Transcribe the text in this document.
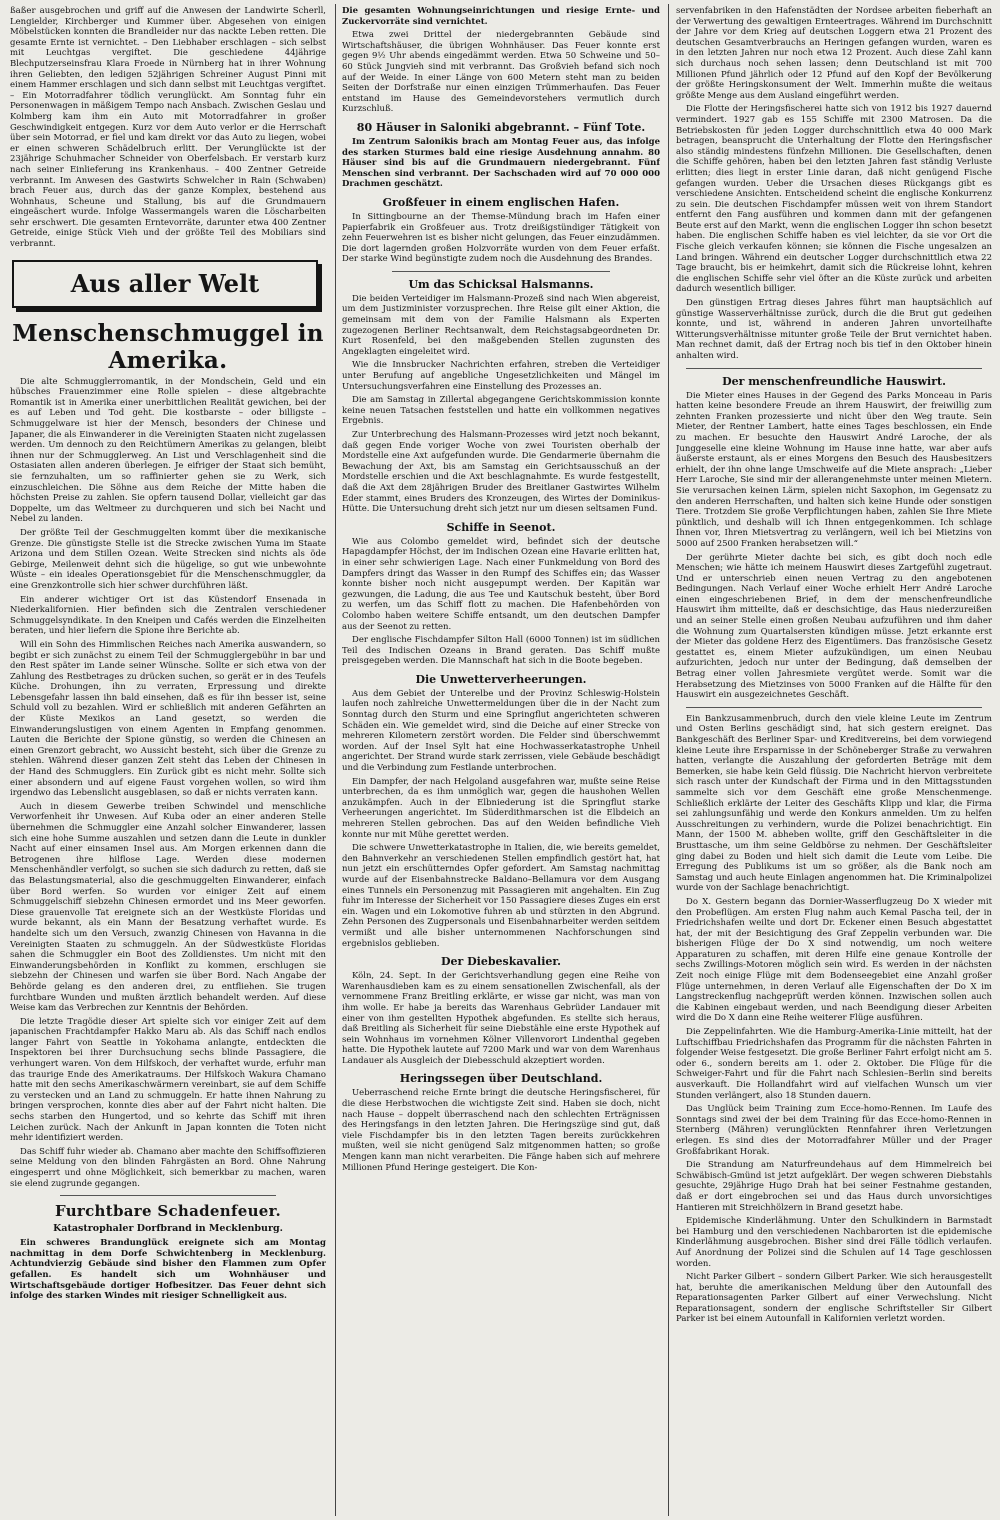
ßaßer ausgebrochen und griff auf die Anwesen der Landwirte Scherll, Lengielder, Kirchberger und Kummer über. Abgesehen von einigen Möbelstücken konnten die Brandleider nur das nackte Leben retten. Die gesamte Ernte ist vernichtet. – Den Liebhaber erschlagen – sich selbst mit Leuchtgas vergiftet. Die geschiedene 44jährige Blechputzerseinsfrau Klara Froede in Nürnberg hat in ihrer Wohnung ihren Geliebten, den ledigen 52jährigen Schreiner August Pinni mit einem Hammer erschlagen und sich dann selbst mit Leuchtgas vergiftet. – Ein Motorradfahrer tödlich verunglückt. Am Sonntag fuhr ein Personenwagen in mäßigem Tempo nach Ansbach. Zwischen Geslau und Kolmberg kam ihm ein Auto mit Motorradfahrer in großer Geschwindigkeit entgegen. Kurz vor dem Auto verlor er die Herrschaft über sein Motorrad, er fiel und kam direkt vor das Auto zu liegen, wobei er einen schweren Schädelbruch erlitt. Der Verunglückte ist der 23jährige Schuhmacher Schneider von Oberfelsbach. Er verstarb kurz nach seiner Einlieferung ins Krankenhaus. – 400 Zentner Getreide verbrannt. Im Anwesen des Gastwirts Schwelcher in Rain (Schwaben) brach Feuer aus, durch das der ganze Komplex, bestehend aus Wohnhaus, Scheune und Stallung, bis auf die Grundmauern eingeäschert wurde. Infolge Wassermangels waren die Löscharbeiten sehr erschwert. Die gesamten Erntevorräte, darunter etwa 400 Zentner Getreide, einige Stück Vieh und der größte Teil des Mobiliars sind verbrannt.

Aus aller Welt
Menschenschmuggel in Amerika.

Die alte Schmugglerromantik, in der Mondschein, Geld und ein hübsches Frauenzimmer eine Rolle spielen – diese altgebrachte Romantik ist in Amerika einer unerbittlichen Realität gewichen, bei der es auf Leben und Tod geht. Die kostbarste – oder billigste – Schmuggelware ist hier der Mensch, besonders der Chinese und Japaner, die als Einwanderer in die Vereinigten Staaten nicht zugelassen werden. Um dennoch zu den Reichtümern Amerikas zu gelangen, bleibt ihnen nur der Schmugglerweg. An List und Verschlagenheit sind die Ostasiaten allen anderen überlegen. Je eifriger der Staat sich bemüht, sie fernzuhalten, um so raffinierter gehen sie zu Werk, sich einzuschleichen. Die Söhne aus dem Reiche der Mitte haben die höchsten Preise zu zahlen. Sie opfern tausend Dollar, vielleicht gar das Doppelte, um das Weltmeer zu durchqueren und sich bei Nacht und Nebel zu landen.

Der größte Teil der Geschmuggelten kommt über die mexikanische Grenze. Die günstigste Stelle ist die Strecke zwischen Yuma im Staate Arizona und dem Stillen Ozean. Weite Strecken sind nichts als öde Gebirge, Meilenweit dehnt sich die hügelige, so gut wie unbewohnte Wüste – ein ideales Operationsgebiet für die Menschenschmuggler, da eine Grenzkontrolle sich hier schwer durchführen läßt.

Ein anderer wichtiger Ort ist das Küstendorf Ensenada in Niederkalifornien. Hier befinden sich die Zentralen verschiedener Schmuggelsyndikate. In den Kneipen und Cafés werden die Einzelheiten beraten, und hier liefern die Spione ihre Berichte ab.

Will ein Sohn des Himmlischen Reiches nach Amerika auswandern, so begibt er sich zunächst zu einem Teil der Schmugglergebühr in bar und den Rest später im Lande seiner Wünsche. Sollte er sich etwa von der Zahlung des Restbetrages zu drücken suchen, so gerät er in des Teufels Küche. Drohungen, ihn zu verraten, Erpressung und direkte Lebensgefahr lassen ihn bald einsehen, daß es für ihn besser ist, seine Schuld voll zu bezahlen. Wird er schließlich mit anderen Gefährten an der Küste Mexikos an Land gesetzt, so werden die Einwanderungslustigen von einem Agenten in Empfang genommen. Lauten die Berichte der Spione günstig, so werden die Chinesen an einen Grenzort gebracht, wo Aussicht besteht, sich über die Grenze zu stehlen. Während dieser ganzen Zeit steht das Leben der Chinesen in der Hand des Schmugglers. Ein Zurück gibt es nicht mehr. Sollte sich einer absondern und auf eigene Faust vorgehen wollen, so wird ihm irgendwo das Lebenslicht ausgeblasen, so daß er nichts verraten kann.

Auch in diesem Gewerbe treiben Schwindel und menschliche Verworfenheit ihr Unwesen. Auf Kuba oder an einer anderen Stelle übernehmen die Schmuggler eine Anzahl solcher Einwanderer, lassen sich eine hohe Summe auszahlen und setzen dann die Leute in dunkler Nacht auf einer einsamen Insel aus. Am Morgen erkennen dann die Betrogenen ihre hilflose Lage. Werden diese modernen Menschenhändler verfolgt, so suchen sie sich dadurch zu retten, daß sie das Belastungsmaterial, also die geschmuggelten Einwanderer, einfach über Bord werfen. So wurden vor einiger Zeit auf einem Schmuggelschiff siebzehn Chinesen ermordet und ins Meer geworfen. Diese grauenvolle Tat ereignete sich an der Westküste Floridas und wurde bekannt, als ein Mann der Besatzung verhaftet wurde. Es handelte sich um den Versuch, zwanzig Chinesen von Havanna in die Vereinigten Staaten zu schmuggeln. An der Südwestküste Floridas sahen die Schmuggler ein Boot des Zolldienstes. Um nicht mit den Einwanderungsbehörden in Konflikt zu kommen, erschlugen sie siebzehn der Chinesen und warfen sie über Bord. Nach Angabe der Behörde gelang es den anderen drei, zu entfliehen. Sie trugen furchtbare Wunden und mußten ärztlich behandelt werden. Auf diese Weise kam das Verbrechen zur Kenntnis der Behörden.

Die letzte Tragödie dieser Art spielte sich vor einiger Zeit auf dem japanischen Frachtdampfer Hakko Maru ab. Als das Schiff nach endlos langer Fahrt von Seattle in Yokohama anlangte, entdeckten die Inspektoren bei ihrer Durchsuchung sechs blinde Passagiere, die verhungert waren. Von dem Hilfskoch, der verhaftet wurde, erfuhr man das traurige Ende des Amerikatraums. Der Hilfskoch Wakura Chamano hatte mit den sechs Amerikaschwärmern vereinbart, sie auf dem Schiffe zu verstecken und an Land zu schmuggeln. Er hatte ihnen Nahrung zu bringen versprochen, konnte dies aber auf der Fahrt nicht halten. Die sechs starben den Hungertod, und so kehrte das Schiff mit ihren Leichen zurück. Nach der Ankunft in Japan konnten die Toten nicht mehr identifiziert werden.

Das Schiff fuhr wieder ab. Chamano aber machte den Schiffsoffizieren seine Meldung von den blinden Fahrgästen an Bord. Ohne Nahrung eingesperrt und ohne Möglichkeit, sich bemerkbar zu machen, waren sie elend zugrunde gegangen.

Furchtbare Schadenfeuer.
Katastrophaler Dorfbrand in Mecklenburg.

Ein schweres Brandunglück ereignete sich am Montag nachmittag in dem Dorfe Schwichtenberg in Mecklenburg. Achtundvierzig Gebäude sind bisher den Flammen zum Opfer gefallen. Es handelt sich um Wohnhäuser und Wirtschaftsgebäude dortiger Hofbesitzer. Das Feuer dehnt sich infolge des starken Windes mit riesiger Schnelligkeit aus.

Die gesamten Wohnungseinrichtungen und riesige Ernte- und Zuckervorräte sind vernichtet.

Etwa zwei Drittel der niedergebrannten Gebäude sind Wirtschaftshäuser, die übrigen Wohnhäuser. Das Feuer konnte erst gegen 9½ Uhr abends eingedämmt werden. Etwa 50 Schweine und 50–60 Stück Jungvieh sind mit verbrannt. Das Großvieh befand sich noch auf der Weide. In einer Länge von 600 Metern steht man zu beiden Seiten der Dorfstraße nur einen einzigen Trümmerhaufen. Das Feuer entstand im Hause des Gemeindevorstehers vermutlich durch Kurzschluß.

80 Häuser in Saloniki abgebrannt. – Fünf Tote.

Im Zentrum Salonikis brach am Montag Feuer aus, das infolge des starken Sturmes bald eine riesige Ausdehnung annahm. 80 Häuser sind bis auf die Grundmauern niedergebrannt. Fünf Menschen sind verbrannt. Der Sachschaden wird auf 70 000 000 Drachmen geschätzt.

Großfeuer in einem englischen Hafen.

In Sittingbourne an der Themse-Mündung brach im Hafen einer Papierfabrik ein Großfeuer aus. Trotz dreißigstündiger Tätigkeit von zehn Feuerwehren ist es bisher nicht gelungen, das Feuer einzudämmen. Die dort lagernden großen Holzvorräte wurden von dem Feuer erfaßt. Der starke Wind begünstigte zudem noch die Ausdehnung des Brandes.

Um das Schicksal Halsmanns.

Die beiden Verteidiger im Halsmann-Prozeß sind nach Wien abgereist, um dem Justizminister vorzusprechen. Ihre Reise gilt einer Aktion, die gemeinsam mit dem von der Familie Halsmann als Experten zugezogenen Berliner Rechtsanwalt, dem Reichstagsabgeordneten Dr. Kurt Rosenfeld, bei den maßgebenden Stellen zugunsten des Angeklagten eingeleitet wird.

Wie die Innsbrucker Nachrichten erfahren, streben die Verteidiger unter Berufung auf angebliche Ungesetzlichkeiten und Mängel im Untersuchungsverfahren eine Einstellung des Prozesses an.

Die am Samstag in Zillertal abgegangene Gerichtskommission konnte keine neuen Tatsachen feststellen und hatte ein vollkommen negatives Ergebnis.

Zur Unterbrechung des Halsmann-Prozesses wird jetzt noch bekannt, daß gegen Ende voriger Woche von zwei Touristen oberhalb der Mordstelle eine Axt aufgefunden wurde. Die Gendarmerie übernahm die Bewachung der Axt, bis am Samstag ein Gerichtsausschuß an der Mordstelle erschien und die Axt beschlagnahmte. Es wurde festgestellt, daß die Axt dem 28jährigen Bruder des Breitlaner Gastwirtes Wilhelm Eder stammt, eines Bruders des Kronzeugen, des Wirtes der Dominikus-Hütte. Die Untersuchung dreht sich jetzt nur um diesen seltsamen Fund.

Schiffe in Seenot.

Wie aus Colombo gemeldet wird, befindet sich der deutsche Hapagdampfer Höchst, der im Indischen Ozean eine Havarie erlitten hat, in einer sehr schwierigen Lage. Nach einer Funkmeldung von Bord des Dampfers dringt das Wasser in den Rumpf des Schiffes ein; das Wasser konnte bisher noch nicht ausgepumpt werden. Der Kapitän war gezwungen, die Ladung, die aus Tee und Kautschuk besteht, über Bord zu werfen, um das Schiff flott zu machen. Die Hafenbehörden von Colombo haben weitere Schiffe entsandt, um den deutschen Dampfer aus der Seenot zu retten.

Der englische Fischdampfer Silton Hall (6000 Tonnen) ist im südlichen Teil des Indischen Ozeans in Brand geraten. Das Schiff mußte preisgegeben werden. Die Mannschaft hat sich in die Boote begeben.

Die Unwetterverheerungen.

Aus dem Gebiet der Unterelbe und der Provinz Schleswig-Holstein laufen noch zahlreiche Unwettermeldungen über die in der Nacht zum Sonntag durch den Sturm und eine Springflut angerichteten schweren Schäden ein. Wie gemeldet wird, sind die Deiche auf einer Strecke von mehreren Kilometern zerstört worden. Die Felder sind überschwemmt worden. Auf der Insel Sylt hat eine Hochwasserkatastrophe Unheil angerichtet. Der Strand wurde stark zerrissen, viele Gebäude beschädigt und die Verbindung zum Festlande unterbrochen.

Ein Dampfer, der nach Helgoland ausgefahren war, mußte seine Reise unterbrechen, da es ihm unmöglich war, gegen die haushohen Wellen anzukämpfen. Auch in der Elbniederung ist die Springflut starke Verheerungen angerichtet. Im Süderdithmarschen ist die Elbdeich an mehreren Stellen gebrochen. Das auf den Weiden befindliche Vieh konnte nur mit Mühe gerettet werden.

Die schwere Unwetterkatastrophe in Italien, die, wie bereits gemeldet, den Bahnverkehr an verschiedenen Stellen empfindlich gestört hat, hat nun jetzt ein erschütterndes Opfer gefordert. Am Samstag nachmittag wurde auf der Eisenbahnstrecke Baldano–Bellamura vor dem Ausgang eines Tunnels ein Personenzug mit Passagieren mit angehalten. Ein Zug fuhr im Interesse der Sicherheit vor 150 Passagiere dieses Zuges ein erst ein. Wagen und ein Lokomotive fuhren ab und stürzten in den Abgrund. Zehn Personen des Zugpersonals und Eisenbahnarbeiter werden seitdem vermißt und alle bisher unternommenen Nachforschungen sind ergebnislos geblieben.

Der Diebeskavalier.

Köln, 24. Sept. In der Gerichtsverhandlung gegen eine Reihe von Warenhausdieben kam es zu einem sensationellen Zwischenfall, als der vernommene Franz Breitling erklärte, er wisse gar nicht, was man von ihm wolle. Er habe ja bereits das Warenhaus Gebrüder Landauer mit einer von ihm gestellten Hypothek abgefunden. Es stellte sich heraus, daß Breitling als Sicherheit für seine Diebstähle eine erste Hypothek auf sein Wohnhaus im vornehmen Kölner Villenvorort Lindenthal gegeben hatte. Die Hypothek lautete auf 7200 Mark und war von dem Warenhaus Landauer als Ausgleich der Diebesschuld akzeptiert worden.

Heringssegen über Deutschland.

Ueberraschend reiche Ernte bringt die deutsche Heringsfischerei, für die diese Herbstwochen die wichtigste Zeit sind. Haben sie doch, nicht nach Hause – doppelt überraschend nach den schlechten Erträgnissen des Heringsfangs in den letzten Jahren. Die Heringszüge sind gut, daß viele Fischdampfer bis in den letzten Tagen bereits zurückkehren mußten, weil sie nicht genügend Salz mitgenommen hatten; so große Mengen kann man nicht verarbeiten. Die Fänge haben sich auf mehrere Millionen Pfund Heringe gesteigert. Die Kon-

servenfabriken in den Hafenstädten der Nordsee arbeiten fieberhaft an der Verwertung des gewaltigen Ernteertrages. Während im Durchschnitt der Jahre vor dem Krieg auf deutschen Loggern etwa 21 Prozent des deutschen Gesamtverbrauchs an Heringen gefangen wurden, waren es in den letzten Jahren nur noch etwa 12 Prozent. Auch diese Zahl kann sich durchaus noch sehen lassen; denn Deutschland ist mit 700 Millionen Pfund jährlich oder 12 Pfund auf den Kopf der Bevölkerung der größte Heringskonsument der Welt. Immerhin mußte die weitaus größte Menge aus dem Ausland eingeführt werden.

Die Flotte der Heringsfischerei hatte sich von 1912 bis 1927 dauernd vermindert. 1927 gab es 155 Schiffe mit 2300 Matrosen. Da die Betriebskosten für jeden Logger durchschnittlich etwa 40 000 Mark betragen, beansprucht die Unterhaltung der Flotte den Heringsfischer also ständig mindestens fünfzehn Millionen. Die Gesellschaften, denen die Schiffe gehören, haben bei den letzten Jahren fast ständig Verluste erlitten; dies liegt in erster Linie daran, daß nicht genügend Fische gefangen wurden. Ueber die Ursachen dieses Rückgangs gibt es verschiedene Ansichten. Entscheidend scheint die englische Konkurrenz zu sein. Die deutschen Fischdampfer müssen weit von ihrem Standort entfernt den Fang ausführen und kommen dann mit der gefangenen Beute erst auf den Markt, wenn die englischen Logger ihn schon besetzt haben. Die englischen Schiffe haben es viel leichter, da sie vor Ort die Fische gleich verkaufen können; sie können die Fische ungesalzen an Land bringen. Während ein deutscher Logger durchschnittlich etwa 22 Tage braucht, bis er heimkehrt, damit sich die Rückreise lohnt, kehren die englischen Schiffe sehr viel öfter an die Küste zurück und arbeiten dadurch wesentlich billiger.

Den günstigen Ertrag dieses Jahres führt man hauptsächlich auf günstige Wasserverhältnisse zurück, durch die die Brut gut gedeihen konnte, und ist, während in anderen Jahren unvorteilhafte Witterungsverhältnisse mitunter große Teile der Brut vernichtet haben. Man rechnet damit, daß der Ertrag noch bis tief in den Oktober hinein anhalten wird.

Der menschenfreundliche Hauswirt.

Die Mieter eines Hauses in der Gegend des Parks Monceau in Paris hatten keine besondere Freude an ihrem Hauswirt, der freiwillig zum zehnten Franken prozessierte und nicht über den Weg traute. Sein Mieter, der Rentner Lambert, hatte eines Tages beschlossen, ein Ende zu machen. Er besuchte den Hauswirt André Laroche, der als Junggeselle eine kleine Wohnung im Hause inne hatte, war aber aufs äußerste erstaunt, als er eines Morgens den Besuch des Hausbesitzers erhielt, der ihn ohne lange Umschweife auf die Miete ansprach: „Lieber Herr Laroche, Sie sind mir der allerangenehmste unter meinen Mietern. Sie verursachen keinen Lärm, spielen nicht Saxophon, im Gegensatz zu den anderen Herrschaften, und halten sich keine Hunde oder sonstigen Tiere. Trotzdem Sie große Verpflichtungen haben, zahlen Sie Ihre Miete pünktlich, und deshalb will ich Ihnen entgegenkommen. Ich schlage Ihnen vor, Ihren Mietsvertrag zu verlängern, weil ich bei Mietzins von 5000 auf 2500 Franken herabsetzen will.“

Der gerührte Mieter dachte bei sich, es gibt doch noch edle Menschen; wie hätte ich meinem Hauswirt dieses Zartgefühl zugetraut. Und er unterschrieb einen neuen Vertrag zu den angebotenen Bedingungen. Nach Verlauf einer Woche erhielt Herr André Laroche einen eingeschriebenen Brief, in dem der menschenfreundliche Hauswirt ihm mitteilte, daß er deschsichtige, das Haus niederzureißen und an seiner Stelle einen großen Neubau aufzuführen und ihm daher die Wohnung zum Quartalsersten kündigen müsse. Jetzt erkannte erst der Mieter das goldene Herz des Eigentümers. Das französische Gesetz gestattet es, einem Mieter aufzukündigen, um einen Neubau aufzurichten, jedoch nur unter der Bedingung, daß demselben der Betrag einer vollen Jahresmiete vergütet werde. Somit war die Herabsetzung des Mietzinses von 5000 Franken auf die Hälfte für den Hauswirt ein ausgezeichnetes Geschäft.

Ein Bankzusammenbruch, durch den viele kleine Leute im Zentrum und Osten Berlins geschädigt sind, hat sich gestern ereignet. Das Bankgeschäft des Berliner Spar- und Kreditvereins, bei dem vorwiegend kleine Leute ihre Ersparnisse in der Schöneberger Straße zu verwahren hatten, verlangte die Auszahlung der geforderten Beträge mit dem Bemerken, sie habe kein Geld flüssig. Die Nachricht hiervon verbreitete sich rasch unter der Kundschaft der Firma und in den Mittagsstunden sammelte sich vor dem Geschäft eine große Menschenmenge. Schließlich erklärte der Leiter des Geschäfts Klipp und klar, die Firma sei zahlungsunfähig und werde den Konkurs anmelden. Um zu helfen Ausschreitungen zu verhindern, wurde die Polizei benachrichtigt. Ein Mann, der 1500 M. abheben wollte, griff den Geschäftsleiter in die Brusttasche, um ihm seine Geldbörse zu nehmen. Der Geschäftsleiter ging dabei zu Boden und hielt sich damit die Leute vom Leibe. Die Erregung des Publikums ist um so größer, als die Bank noch am Samstag und auch heute Einlagen angenommen hat. Die Kriminalpolizei wurde von der Sachlage benachrichtigt.

Do X. Gestern begann das Dornier-Wasserflugzeug Do X wieder mit den Probeflügen. Am ersten Flug nahm auch Kemal Pascha teil, der in Friedrichshafen weilte und dort Dr. Eckener einen Besuch abgestattet hat, der mit der Besichtigung des Graf Zeppelin verbunden war. Die bisherigen Flüge der Do X sind notwendig, um noch weitere Apparaturen zu schaffen, mit deren Hilfe eine genaue Kontrolle der sechs Zwillings-Motoren möglich sein wird. Es werden in der nächsten Zeit noch einige Flüge mit dem Bodenseegebiet eine Anzahl großer Flüge unternehmen, in deren Verlauf alle Eigenschaften der Do X im Langstreckenflug nachgeprüft werden können. Inzwischen sollen auch die Kabinen eingebaut werden, und nach Beendigung dieser Arbeiten wird die Do X dann eine Reihe weiterer Flüge ausführen.

Die Zeppelinfahrten. Wie die Hamburg-Amerika-Linie mitteilt, hat der Luftschiffbau Friedrichshafen das Programm für die nächsten Fahrten in folgender Weise festgesetzt. Die große Berliner Fahrt erfolgt nicht am 5. oder 6., sondern bereits am 1. oder 2. Oktober. Die Flüge für die Schweiger-Fahrt und für die Fahrt nach Schlesien–Berlin sind bereits ausverkauft. Die Hollandfahrt wird auf vielfachen Wunsch um vier Stunden verlängert, also 18 Stunden dauern.

Das Unglück beim Training zum Ecce-homo-Rennen. Im Laufe des Sonntags sind zwei der bei dem Training für das Ecce-homo-Rennen in Sternberg (Mähren) verunglückten Rennfahrer ihren Verletzungen erlegen. Es sind dies der Motorradfahrer Müller und der Prager Großfabrikant Horak.

Die Strandung am Naturfreundehaus auf dem Himmelreich bei Schwäbisch-Gmünd ist jetzt aufgeklärt. Der wegen schweren Diebstahls gesuchte, 29jährige Hugo Drah hat bei seiner Festnahme gestanden, daß er dort eingebrochen sei und das Haus durch unvorsichtiges Hantieren mit Streichhölzern in Brand gesetzt habe.

Epidemische Kinderlähmung. Unter den Schulkindern in Barmstadt bei Hamburg und den verschiedenen Nachbarorten ist die epidemische Kinderlähmung ausgebrochen. Bisher sind drei Fälle tödlich verlaufen. Auf Anordnung der Polizei sind die Schulen auf 14 Tage geschlossen worden.

Nicht Parker Gilbert – sondern Gilbert Parker. Wie sich herausgestellt hat, beruhte die amerikanischen Meldung über den Autounfall des Reparationsagenten Parker Gilbert auf einer Verwechslung. Nicht Reparationsagent, sondern der englische Schriftsteller Sir Gilbert Parker ist bei einem Autounfall in Kalifornien verletzt worden.
